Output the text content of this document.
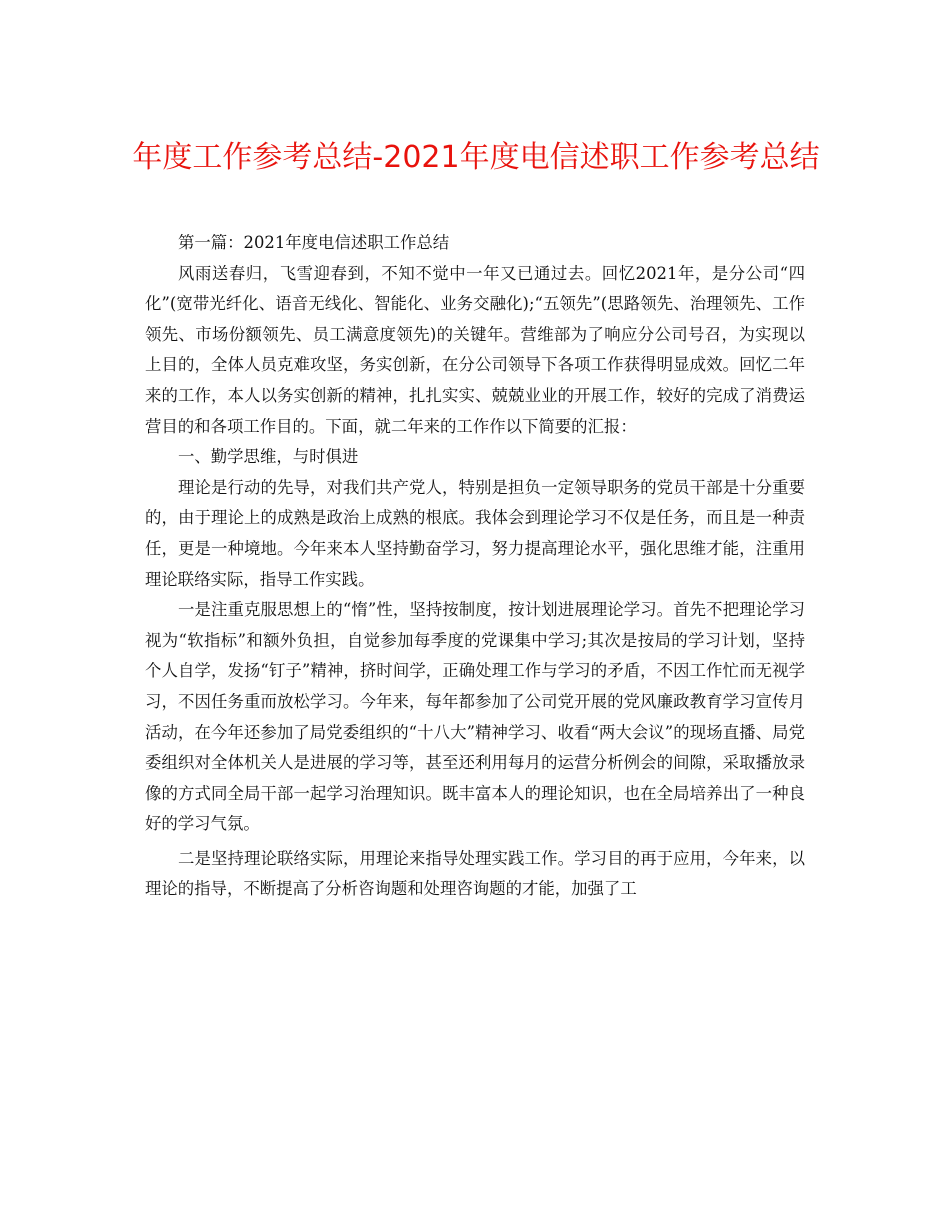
年度工作参考总结-2021年度电信述职工作参考总结

第一篇：2021年度电信述职工作总结

风雨送春归，飞雪迎春到，不知不觉中一年又已通过去。回忆2021年，是分公司“四化”(宽带光纤化、语音无线化、智能化、业务交融化);“五领先”(思路领先、治理领先、工作领先、市场份额领先、员工满意度领先)的关键年。营维部为了响应分公司号召，为实现以上目的，全体人员克难攻坚，务实创新，在分公司领导下各项工作获得明显成效。回忆二年来的工作，本人以务实创新的精神，扎扎实实、兢兢业业的开展工作，较好的完成了消费运营目的和各项工作目的。下面，就二年来的工作作以下简要的汇报：

一、勤学思维，与时俱进

理论是行动的先导，对我们共产党人，特别是担负一定领导职务的党员干部是十分重要的，由于理论上的成熟是政治上成熟的根底。我体会到理论学习不仅是任务，而且是一种责任，更是一种境地。今年来本人坚持勤奋学习，努力提高理论水平，强化思维才能，注重用理论联络实际，指导工作实践。

一是注重克服思想上的“惰”性，坚持按制度，按计划进展理论学习。首先不把理论学习视为“软指标”和额外负担，自觉参加每季度的党课集中学习;其次是按局的学习计划，坚持个人自学，发扬“钉子”精神，挤时间学，正确处理工作与学习的矛盾，不因工作忙而无视学习，不因任务重而放松学习。今年来，每年都参加了公司党开展的党风廉政教育学习宣传月活动，在今年还参加了局党委组织的“十八大”精神学习、收看“两大会议”的现场直播、局党委组织对全体机关人是进展的学习等，甚至还利用每月的运营分析例会的间隙，采取播放录像的方式同全局干部一起学习治理知识。既丰富本人的理论知识，也在全局培养出了一种良好的学习气氛。

二是坚持理论联络实际，用理论来指导处理实践工作。学习目的再于应用，今年来，以理论的指导，不断提高了分析咨询题和处理咨询题的才能，加强了工
